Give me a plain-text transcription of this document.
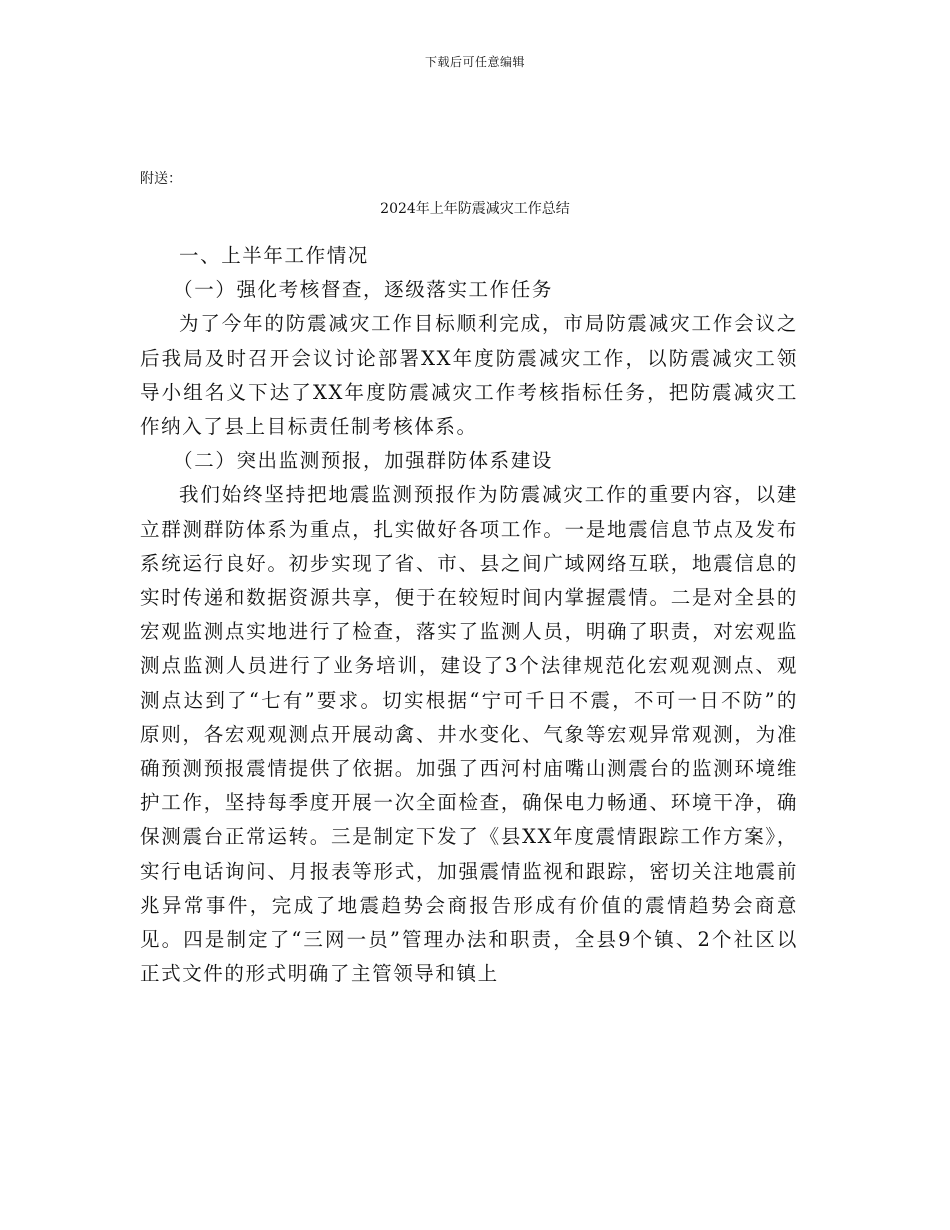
下载后可任意编辑
附送：
2024年上年防震减灾工作总结

一、上半年工作情况

（一）强化考核督查，逐级落实工作任务

为了今年的防震减灾工作目标顺利完成，市局防震减灾工作会议之后我局及时召开会议讨论部署XX年度防震减灾工作，以防震减灾工领导小组名义下达了XX年度防震减灾工作考核指标任务，把防震减灾工作纳入了县上目标责任制考核体系。

（二）突出监测预报，加强群防体系建设

我们始终坚持把地震监测预报作为防震减灾工作的重要内容，以建立群测群防体系为重点，扎实做好各项工作。一是地震信息节点及发布系统运行良好。初步实现了省、市、县之间广域网络互联，地震信息的实时传递和数据资源共享，便于在较短时间内掌握震情。二是对全县的宏观监测点实地进行了检查，落实了监测人员，明确了职责，对宏观监测点监测人员进行了业务培训，建设了3个法律规范化宏观观测点、观测点达到了“七有”要求。切实根据“宁可千日不震，不可一日不防”的原则，各宏观观测点开展动禽、井水变化、气象等宏观异常观测，为准确预测预报震情提供了依据。加强了西河村庙嘴山测震台的监测环境维护工作，坚持每季度开展一次全面检查，确保电力畅通、环境干净，确保测震台正常运转。三是制定下发了《县XX年度震情跟踪工作方案》，实行电话询问、月报表等形式，加强震情监视和跟踪，密切关注地震前兆异常事件，完成了地震趋势会商报告形成有价值的震情趋势会商意见。四是制定了“三网一员”管理办法和职责，全县9个镇、2个社区以正式文件的形式明确了主管领导和镇上
